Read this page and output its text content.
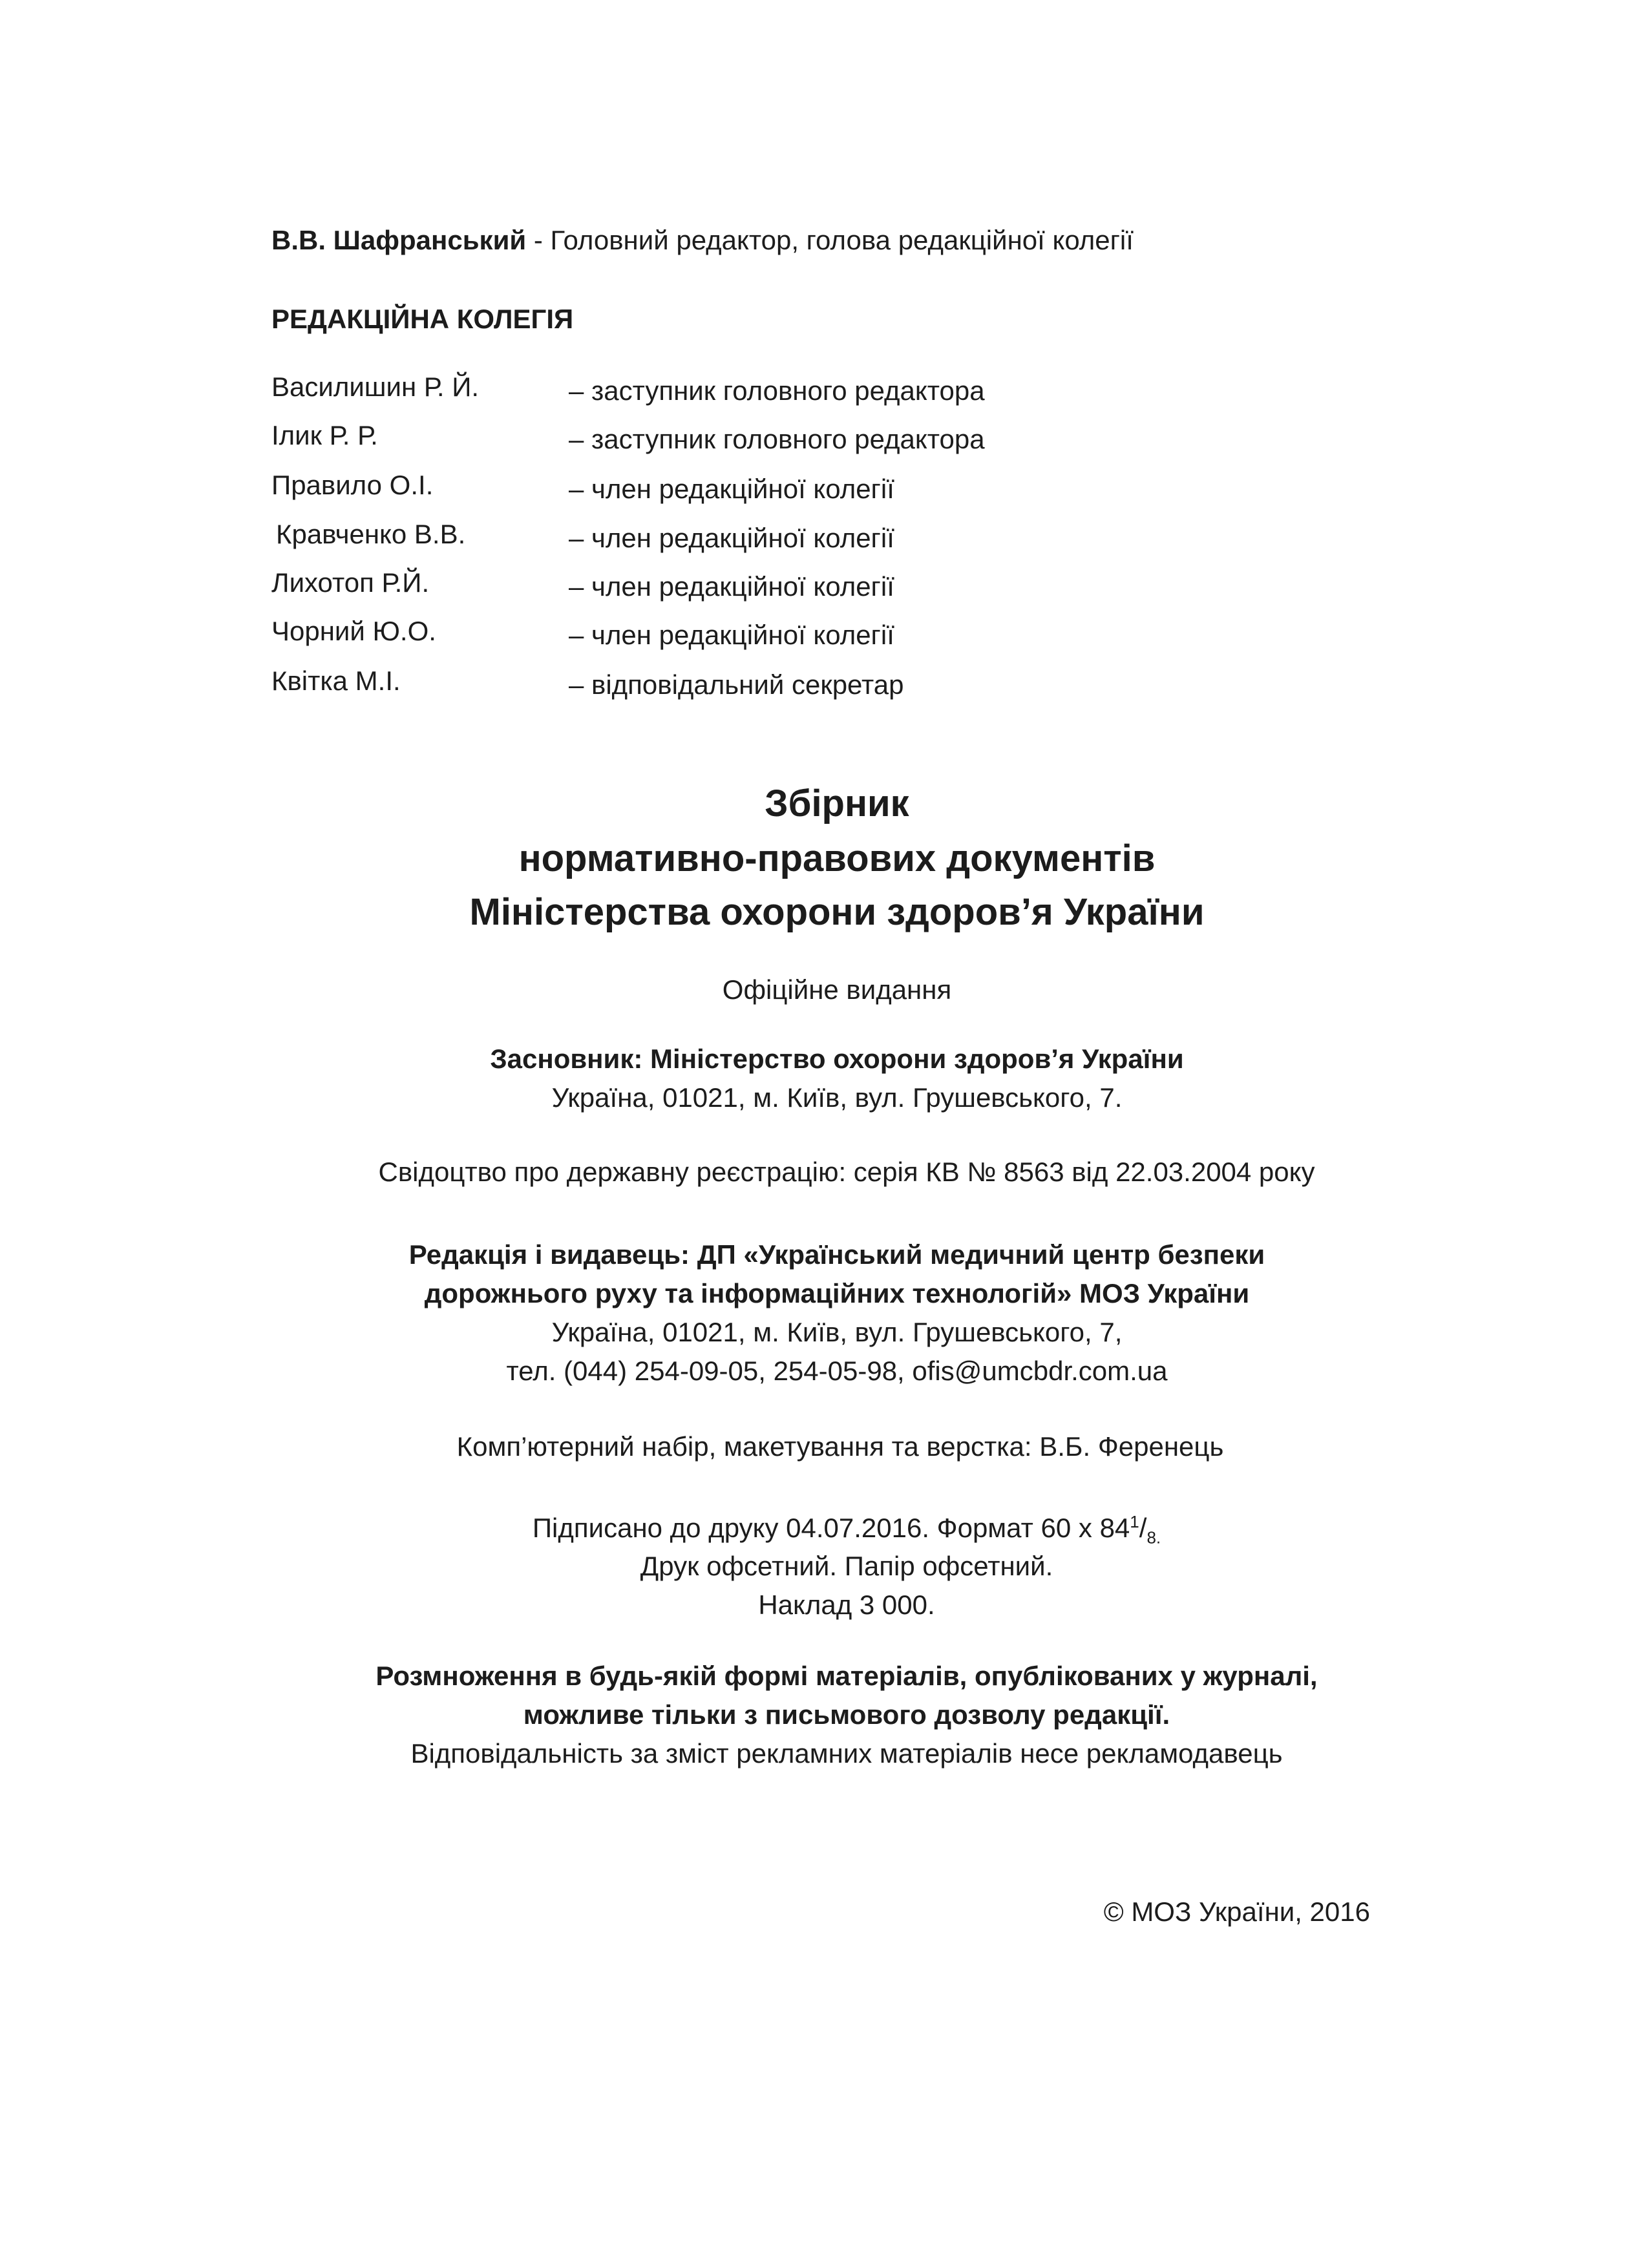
В.В. Шафранський - Головний редактор, голова редакційної колегії
РЕДАКЦІЙНА КОЛЕГІЯ
Василишин Р. Й.	– заступник головного редактора
Ілик Р. Р.	– заступник головного редактора
Правило О.І.	– член редакційної колегії
Кравченко В.В.	– член редакційної колегії
Лихотоп Р.Й.	– член редакційної колегії
Чорний Ю.О.	– член редакційної колегії
Квітка М.І.	– відповідальний секретар
Збірник
нормативно-правових документів
Міністерства охорони здоров’я України
Офіційне видання
Засновник: Міністерство охорони здоров’я України
Україна, 01021, м. Київ, вул. Грушевського, 7.
Свідоцтво про державну реєстрацію: серія КВ № 8563 від 22.03.2004 року
Редакція і видавець: ДП «Український медичний центр безпеки
дорожнього руху та інформаційних технологій» МОЗ України
Україна, 01021, м. Київ, вул. Грушевського, 7,
тел. (044) 254-09-05, 254-05-98, ofis@umcbdr.com.ua
Комп’ютерний набір, макетування та верстка: В.Б. Ференець
Підписано до друку 04.07.2016. Формат 60 х $84^1/_{8.}$
Друк офсетний. Папір офсетний.
Наклад 3 000.
Розмноження в будь-якій формі матеріалів, опублікованих у журналі,
можливе тільки з письмового дозволу редакції.
Відповідальність за зміст рекламних матеріалів несе рекламодавець
© МОЗ України, 2016
